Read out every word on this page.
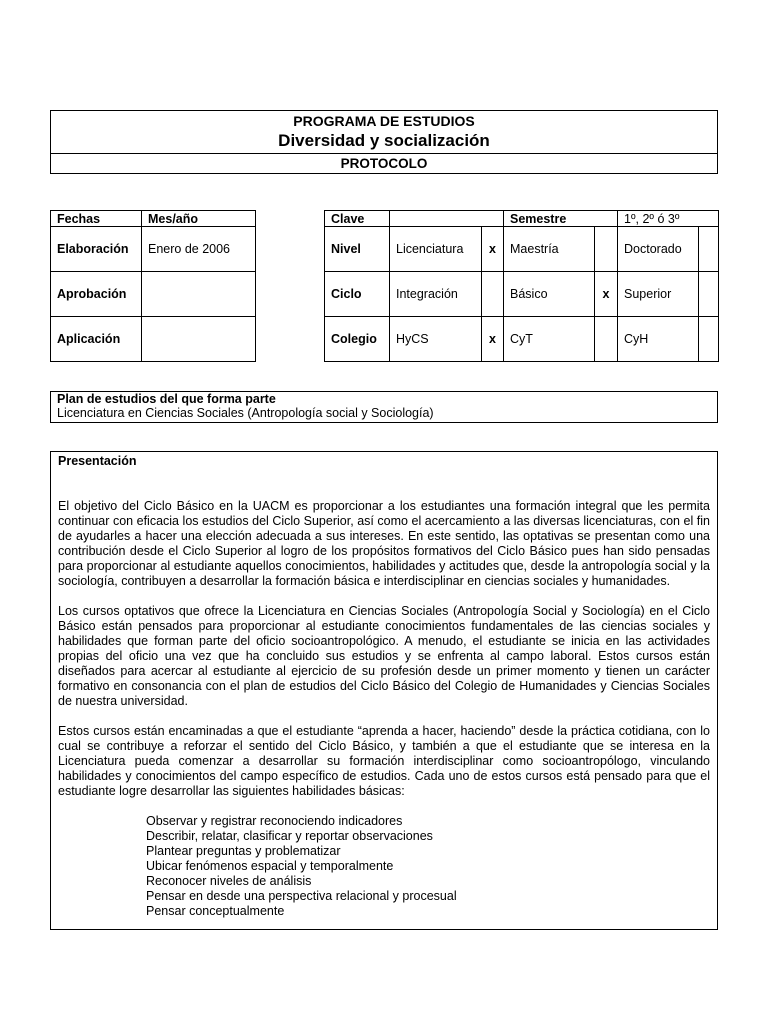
PROGRAMA DE ESTUDIOS
Diversidad y socialización
PROTOCOLO
Fechas	Mes/año
Elaboración	Enero de 2006
Aprobación	
Aplicación	
Clave			Semestre		1º, 2º ó 3º	
Nivel	Licenciatura	x	Maestría		Doctorado	
Ciclo	Integración		Básico	x	Superior	
Colegio	HyCS	x	CyT		CyH	
Plan de estudios del que forma parte
Licenciatura en Ciencias Sociales (Antropología social y Sociología)
Presentación

El objetivo del Ciclo Básico en la UACM es proporcionar a los estudiantes una formación integral que les permita continuar con eficacia los estudios del Ciclo Superior, así como el acercamiento a las diversas licenciaturas, con el fin de ayudarles a hacer una elección adecuada a sus intereses. En este sentido, las optativas se presentan como una contribución desde el Ciclo Superior al logro de los propósitos formativos del Ciclo Básico pues han sido pensadas para proporcionar al estudiante aquellos conocimientos, habilidades y actitudes que, desde la antropología social y la sociología, contribuyen a desarrollar la formación básica e interdisciplinar en ciencias sociales y humanidades.

Los cursos optativos que ofrece la Licenciatura en Ciencias Sociales (Antropología Social y Sociología) en el Ciclo Básico están pensados para proporcionar al estudiante conocimientos fundamentales de las ciencias sociales y habilidades que forman parte del oficio socioantropológico. A menudo, el estudiante se inicia en las actividades propias del oficio una vez que ha concluido sus estudios y se enfrenta al campo laboral. Estos cursos están diseñados para acercar al estudiante al ejercicio de su profesión desde un primer momento y tienen un carácter formativo en consonancia con el plan de estudios del Ciclo Básico del Colegio de Humanidades y Ciencias Sociales de nuestra universidad.

Estos cursos están encaminadas a que el estudiante “aprenda a hacer, haciendo” desde la práctica cotidiana, con lo cual se contribuye a reforzar el sentido del Ciclo Básico, y también a que el estudiante que se interesa en la Licenciatura pueda comenzar a desarrollar su formación interdisciplinar como socioantropólogo, vinculando habilidades y conocimientos del campo específico de estudios. Cada uno de estos cursos está pensado para que el estudiante logre desarrollar las siguientes habilidades básicas:

Observar y registrar reconociendo indicadores
Describir, relatar, clasificar y reportar observaciones
Plantear preguntas y problematizar
Ubicar fenómenos espacial y temporalmente
Reconocer niveles de análisis
Pensar en desde una perspectiva relacional y procesual
Pensar conceptualmente
